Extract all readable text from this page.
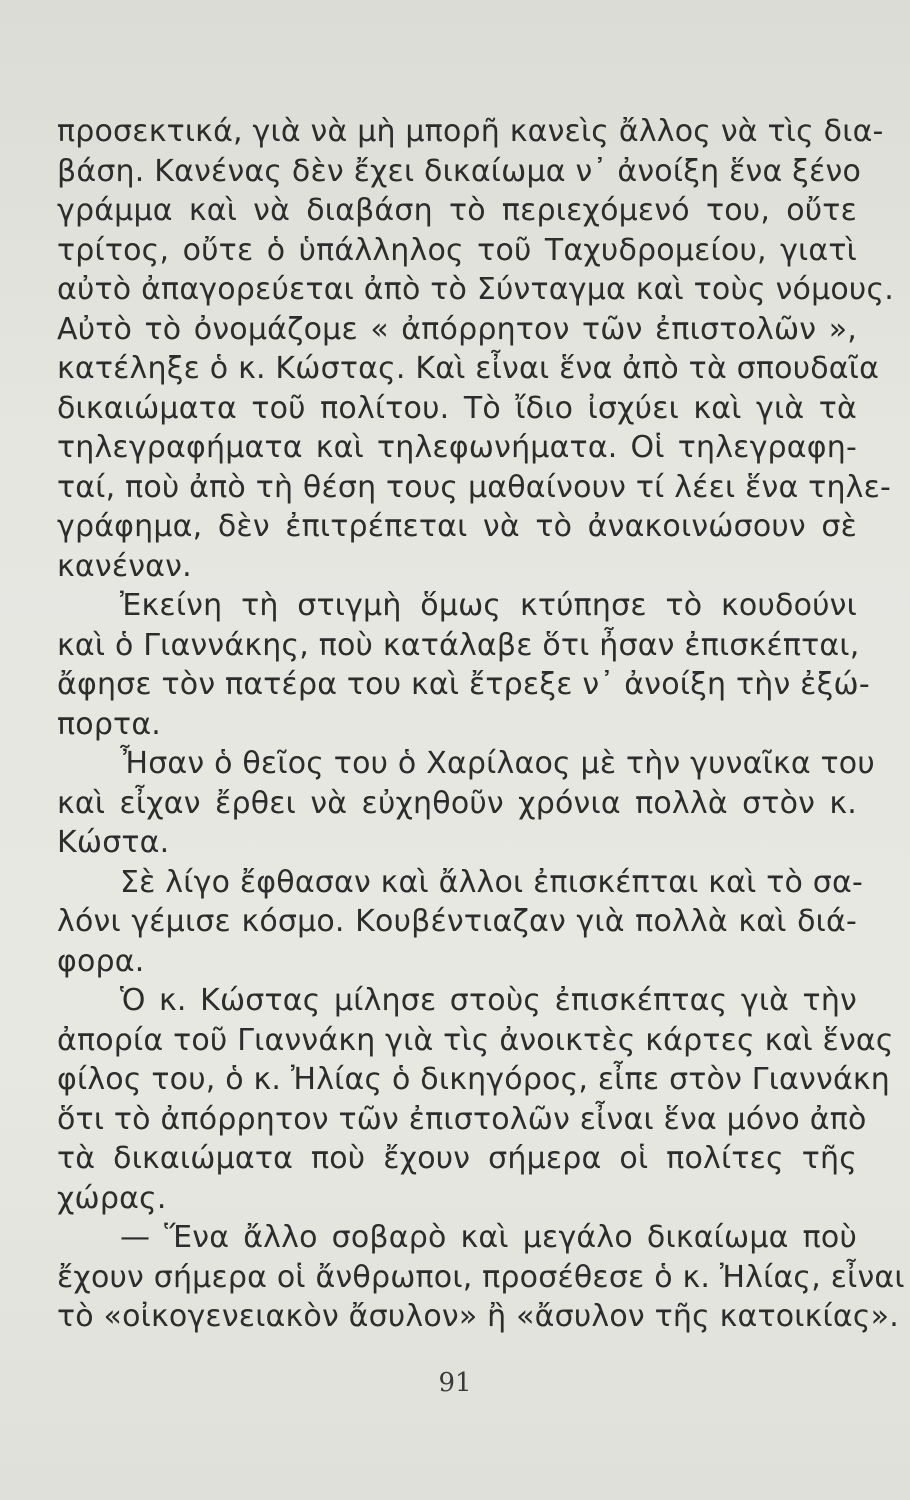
προσεκτικά, γιὰ νὰ μὴ μπορῆ κανεὶς ἄλλος νὰ τὶς δια-
βάση. Κανένας δὲν ἔχει δικαίωμα ν᾽ ἀνοίξη ἕνα ξένο
γράμμα καὶ νὰ διαβάση τὸ περιεχόμενό του, οὔτε
τρίτος, οὔτε ὁ ὑπάλληλος τοῦ Ταχυδρομείου, γιατὶ
αὐτὸ ἀπαγορεύεται ἀπὸ τὸ Σύνταγμα καὶ τοὺς νόμους.
Αὐτὸ τὸ ὀνομάζομε « ἀπόρρητον τῶν ἐπιστολῶν »,
κατέληξε ὁ κ. Κώστας. Καὶ εἶναι ἕνα ἀπὸ τὰ σπουδαῖα
δικαιώματα τοῦ πολίτου. Τὸ ἴδιο ἰσχύει καὶ γιὰ τὰ
τηλεγραφήματα καὶ τηλεφωνήματα. Οἱ τηλεγραφη-
ταί, ποὺ ἀπὸ τὴ θέση τους μαθαίνουν τί λέει ἕνα τηλε-
γράφημα, δὲν ἐπιτρέπεται νὰ τὸ ἀνακοινώσουν σὲ
κανέναν.
Ἐκείνη τὴ στιγμὴ ὅμως κτύπησε τὸ κουδούνι
καὶ ὁ Γιαννάκης, ποὺ κατάλαβε ὅτι ἦσαν ἐπισκέπται,
ἄφησε τὸν πατέρα του καὶ ἔτρεξε ν᾽ ἀνοίξη τὴν ἐξώ-
πορτα.
Ἦσαν ὁ θεῖος του ὁ Χαρίλαος μὲ τὴν γυναῖκα του
καὶ εἶχαν ἔρθει νὰ εὐχηθοῦν χρόνια πολλὰ στὸν κ.
Κώστα.
Σὲ λίγο ἔφθασαν καὶ ἄλλοι ἐπισκέπται καὶ τὸ σα-
λόνι γέμισε κόσμο. Κουβέντιαζαν γιὰ πολλὰ καὶ διά-
φορα.
Ὁ κ. Κώστας μίλησε στοὺς ἐπισκέπτας γιὰ τὴν
ἀπορία τοῦ Γιαννάκη γιὰ τὶς ἀνοικτὲς κάρτες καὶ ἕνας
φίλος του, ὁ κ. Ἠλίας ὁ δικηγόρος, εἶπε στὸν Γιαννάκη
ὅτι τὸ ἀπόρρητον τῶν ἐπιστολῶν εἶναι ἕνα μόνο ἀπὸ
τὰ δικαιώματα ποὺ ἔχουν σήμερα οἱ πολίτες τῆς
χώρας.
— Ἕνα ἄλλο σοβαρὸ καὶ μεγάλο δικαίωμα ποὺ
ἔχουν σήμερα οἱ ἄνθρωποι, προσέθεσε ὁ κ. Ἠλίας, εἶναι
τὸ «οἰκογενειακὸν ἄσυλον» ἢ «ἄσυλον τῆς κατοικίας».
91
